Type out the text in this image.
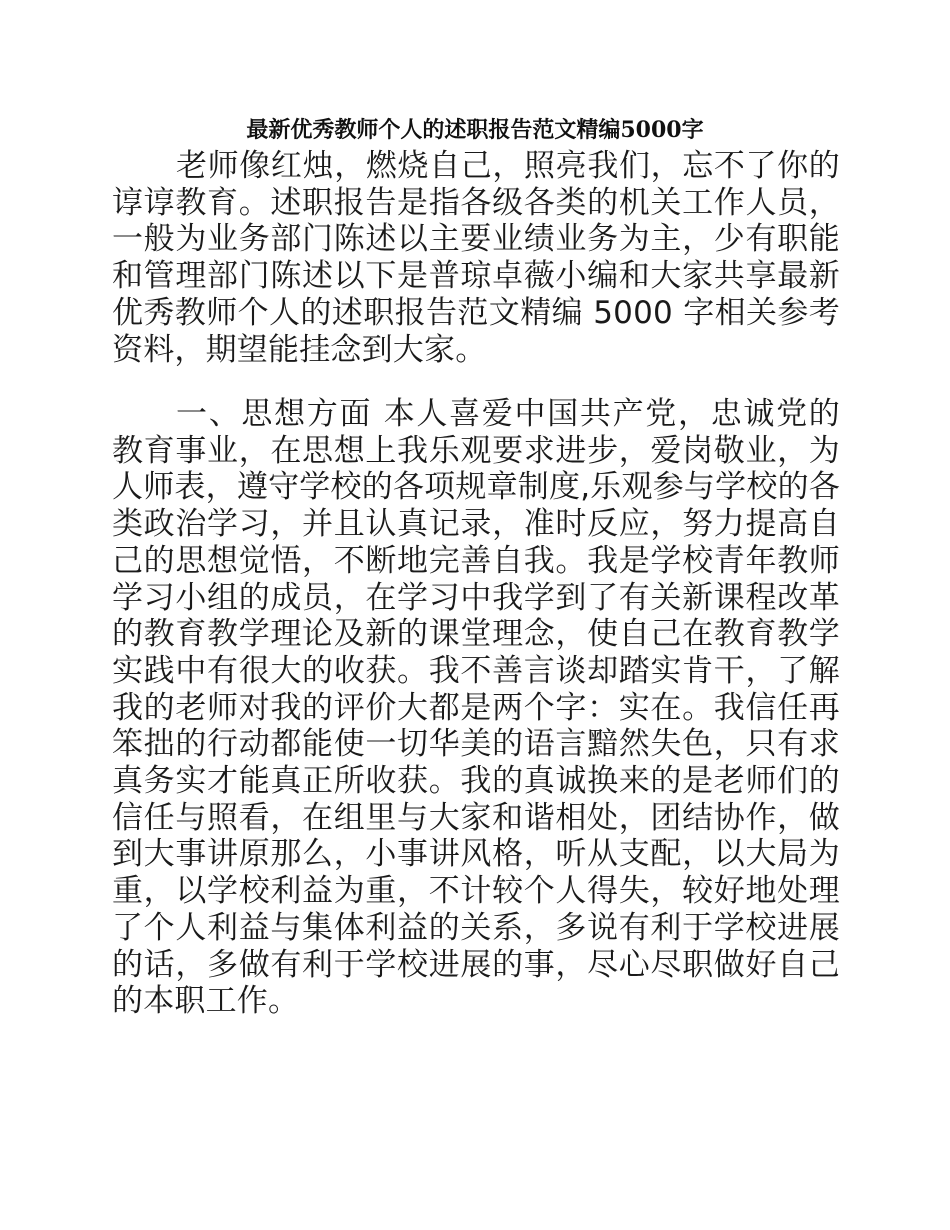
最新优秀教师个人的述职报告范文精编5000字

老师像红烛，燃烧自己，照亮我们，忘不了你的谆谆教育。述职报告是指各级各类的机关工作人员，一般为业务部门陈述以主要业绩业务为主，少有职能和管理部门陈述以下是普琼卓薇小编和大家共享最新优秀教师个人的述职报告范文精编 5000 字相关参考资料，期望能挂念到大家。

一、思想方面 本人喜爱中国共产党，忠诚党的教育事业，在思想上我乐观要求进步，爱岗敬业，为人师表，遵守学校的各项规章制度,乐观参与学校的各类政治学习，并且认真记录，准时反应，努力提高自己的思想觉悟，不断地完善自我。我是学校青年教师学习小组的成员，在学习中我学到了有关新课程改革的教育教学理论及新的课堂理念，使自己在教育教学实践中有很大的收获。我不善言谈却踏实肯干，了解我的老师对我的评价大都是两个字：实在。我信任再笨拙的行动都能使一切华美的语言黯然失色，只有求真务实才能真正所收获。我的真诚换来的是老师们的信任与照看，在组里与大家和谐相处，团结协作，做到大事讲原那么，小事讲风格，听从支配，以大局为重，以学校利益为重，不计较个人得失，较好地处理了个人利益与集体利益的关系，多说有利于学校进展的话，多做有利于学校进展的事，尽心尽职做好自己的本职工作。
